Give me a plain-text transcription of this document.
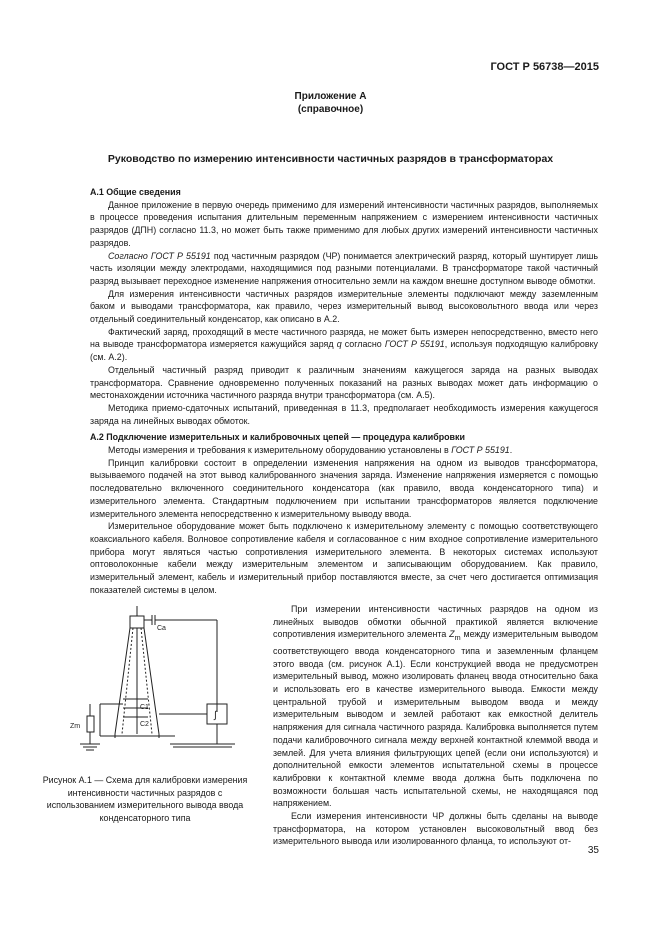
ГОСТ Р 56738—2015
Приложение А
(справочное)
Руководство по измерению интенсивности частичных разрядов в трансформаторах
А.1 Общие сведения

Данное приложение в первую очередь применимо для измерений интенсивности частичных разрядов, выполняемых в процессе проведения испытания длительным переменным напряжением с измерением интенсивности частичных разрядов (ДПН) согласно 11.3, но может быть также применимо для любых других измерений интенсивности частичных разрядов.

Согласно ГОСТ Р 55191 под частичным разрядом (ЧР) понимается электрический разряд, который шунтирует лишь часть изоляции между электродами, находящимися под разными потенциалами. В трансформаторе такой частичный разряд вызывает переходное изменение напряжения относительно земли на каждом внешне доступном выводе обмотки.

Для измерения интенсивности частичных разрядов измерительные элементы подключают между заземленным баком и выводами трансформатора, как правило, через измерительный вывод высоковольтного ввода или через отдельный соединительный конденсатор, как описано в А.2.

Фактический заряд, проходящий в месте частичного разряда, не может быть измерен непосредственно, вместо него на выводе трансформатора измеряется кажущийся заряд q согласно ГОСТ Р 55191, используя подходящую калибровку (см. А.2).

Отдельный частичный разряд приводит к различным значениям кажущегося заряда на разных выводах трансформатора. Сравнение одновременно полученных показаний на разных выводах может дать информацию о местонахождении источника частичного разряда внутри трансформатора (см. А.5).

Методика приемо-сдаточных испытаний, приведенная в 11.3, предполагает необходимость измерения кажущегося заряда на линейных выводах обмоток.

А.2 Подключение измерительных и калибровочных цепей — процедура калибровки

Методы измерения и требования к измерительному оборудованию установлены в ГОСТ Р 55191.

Принцип калибровки состоит в определении изменения напряжения на одном из выводов трансформатора, вызываемого подачей на этот вывод калиброванного значения заряда. Изменение напряжения измеряется с помощью последовательно включенного соединительного конденсатора (как правило, ввода конденсаторного типа) и измерительного элемента. Стандартным подключением при испытании трансформаторов является подключение измерительного элемента непосредственно к измерительному выводу ввода.

Измерительное оборудование может быть подключено к измерительному элементу с помощью соответствующего коаксиального кабеля. Волновое сопротивление кабеля и согласованное с ним входное сопротивление измерительного прибора могут являться частью сопротивления измерительного элемента. В некоторых системах используют оптоволоконные кабели между измерительным элементом и записывающим оборудованием. Как правило, измерительный элемент, кабель и измерительный прибор поставляются вместе, за счет чего достигается оптимизация показателей системы в целом.

C1
C2
Ca
Zm
∫
Рисунок А.1 — Схема для калибровки измерения интенсивности частичных разрядов с использованием измерительного вывода ввода конденсаторного типа

При измерении интенсивности частичных разрядов на одном из линейных выводов обмотки обычной практикой является включение сопротивления измерительного элемента $Z_m$ между измерительным выводом соответствующего ввода конденсаторного типа и заземленным фланцем этого ввода (см. рисунок А.1). Если конструкцией ввода не предусмотрен измерительный вывод, можно изолировать фланец ввода относительно бака и использовать его в качестве измерительного вывода. Емкости между центральной трубой и измерительным выводом ввода и между измерительным выводом и землей работают как емкостной делитель напряжения для сигнала частичного разряда. Калибровка выполняется путем подачи калибровочного сигнала между верхней контактной клеммой ввода и землей. Для учета влияния фильтрующих цепей (если они используются) и дополнительной емкости элементов испытательной схемы в процессе калибровки к контактной клемме ввода должна быть подключена по возможности большая часть испытательной схемы, не находящаяся под напряжением.

Если измерения интенсивности ЧР должны быть сделаны на выводе трансформатора, на котором установлен высоковольтный ввод без измерительного вывода или изолированного фланца, то используют от-

35
